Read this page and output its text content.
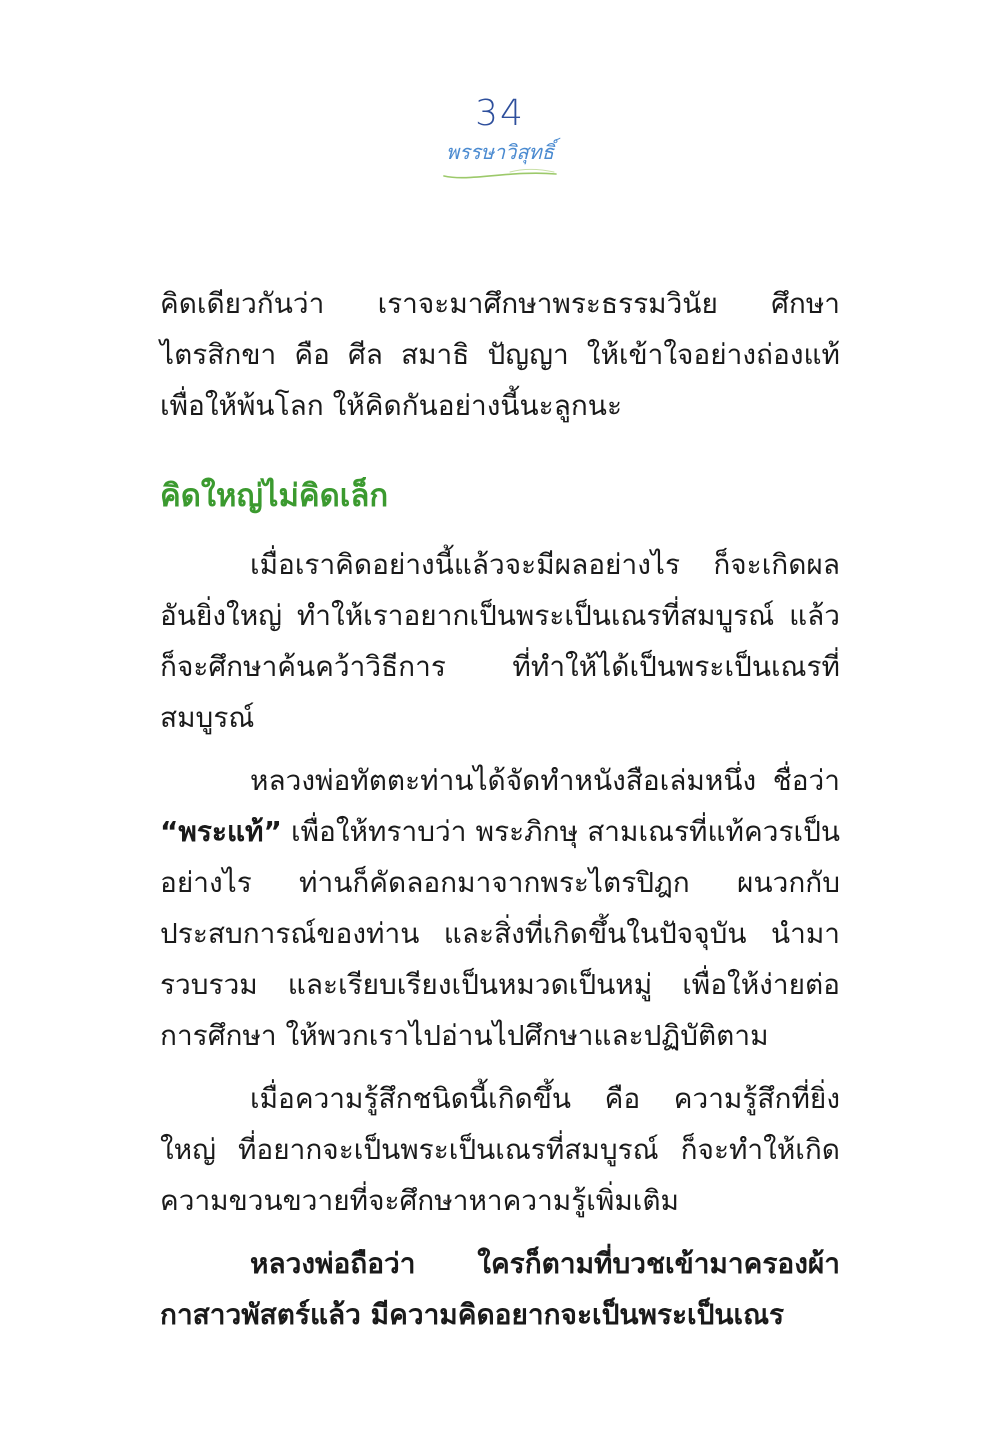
34
พรรษาวิสุทธิ์

คิดเดียวกันว่า เราจะมาศึกษาพระธรรมวินัย ศึกษาไตรสิกขา คือ ศีล สมาธิ ปัญญา ให้เข้าใจอย่างถ่องแท้ เพื่อให้พ้นโลก ให้คิดกันอย่างนี้นะลูกนะ

คิดใหญ่ไม่คิดเล็ก

เมื่อเราคิดอย่างนี้แล้วจะมีผลอย่างไร ก็จะเกิดผลอันยิ่งใหญ่ ทำให้เราอยากเป็นพระเป็นเณรที่สมบูรณ์ แล้วก็จะศึกษาค้นคว้าวิธีการ ที่ทำให้ได้เป็นพระเป็นเณรที่สมบูรณ์

หลวงพ่อทัตตะท่านได้จัดทำหนังสือเล่มหนึ่ง ชื่อว่า “พระแท้” เพื่อให้ทราบว่า พระภิกษุ สามเณรที่แท้ควรเป็นอย่างไร ท่านก็คัดลอกมาจากพระไตรปิฎก ผนวกกับประสบการณ์ของท่าน และสิ่งที่เกิดขึ้นในปัจจุบัน นำมารวบรวม และเรียบเรียงเป็นหมวดเป็นหมู่ เพื่อให้ง่ายต่อการศึกษา ให้พวกเราไปอ่านไปศึกษาและปฏิบัติตาม

เมื่อความรู้สึกชนิดนี้เกิดขึ้น คือ ความรู้สึกที่ยิ่งใหญ่ ที่อยากจะเป็นพระเป็นเณรที่สมบูรณ์ ก็จะทำให้เกิดความขวนขวายที่จะศึกษาหาความรู้เพิ่มเติม

หลวงพ่อถือว่า ใครก็ตามที่บวชเข้ามาครองผ้ากาสาวพัสตร์แล้ว มีความคิดอยากจะเป็นพระเป็นเณร
